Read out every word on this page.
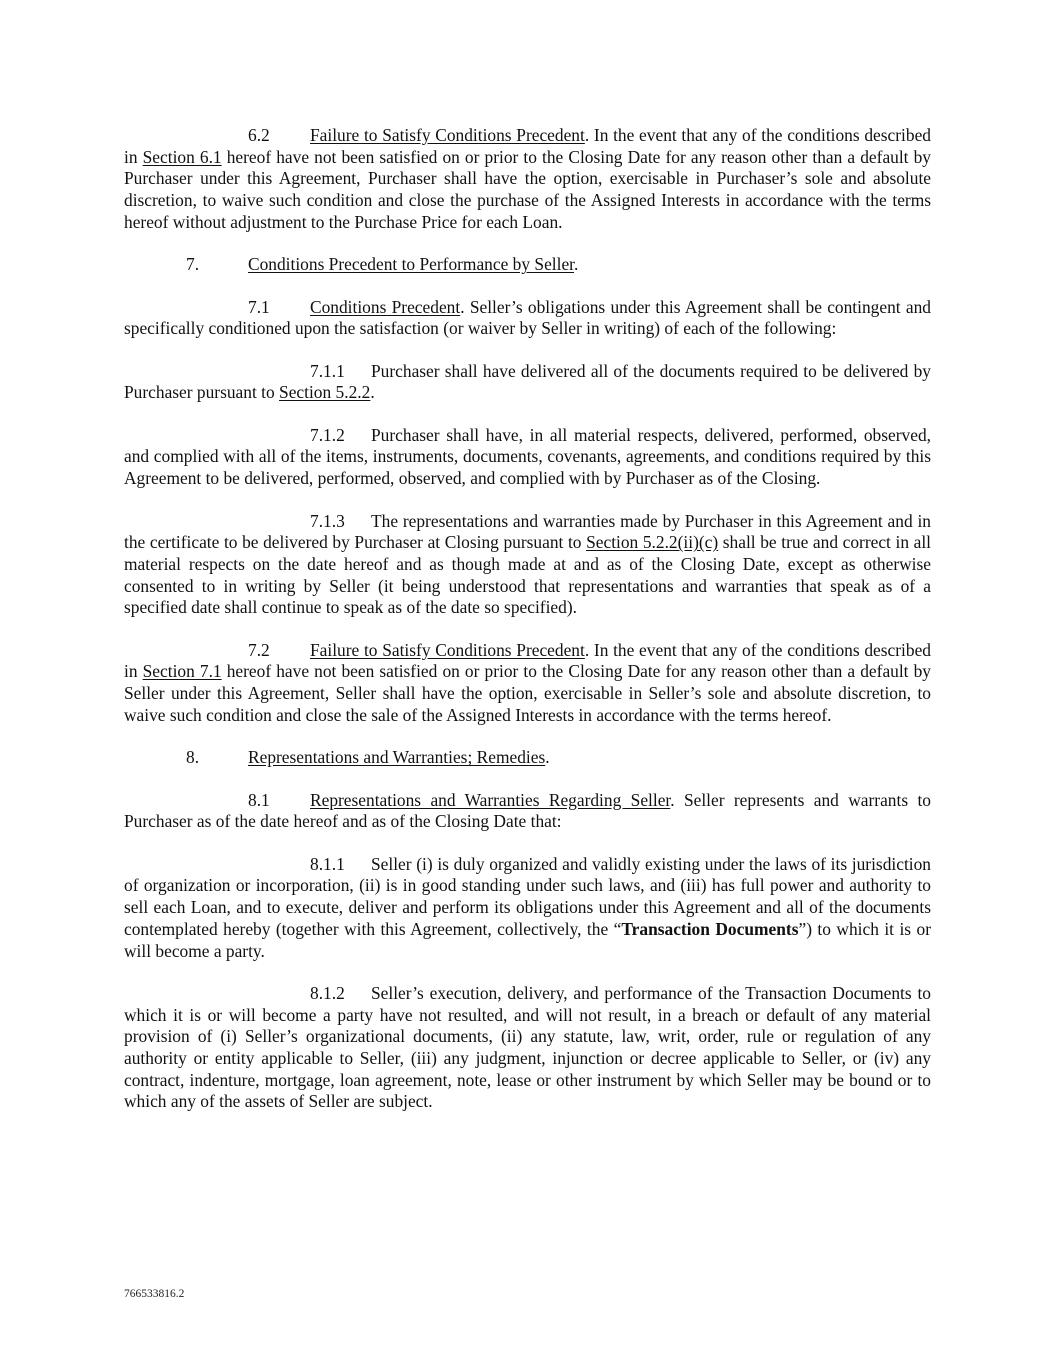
6.2 Failure to Satisfy Conditions Precedent. In the event that any of the conditions described in Section 6.1 hereof have not been satisfied on or prior to the Closing Date for any reason other than a default by Purchaser under this Agreement, Purchaser shall have the option, exercisable in Purchaser’s sole and absolute discretion, to waive such condition and close the purchase of the Assigned Interests in accordance with the terms hereof without adjustment to the Purchase Price for each Loan.

7.	Conditions Precedent to Performance by Seller.

7.1 Conditions Precedent. Seller’s obligations under this Agreement shall be contingent and specifically conditioned upon the satisfaction (or waiver by Seller in writing) of each of the following:

7.1.1 Purchaser shall have delivered all of the documents required to be delivered by Purchaser pursuant to Section 5.2.2.

7.1.2 Purchaser shall have, in all material respects, delivered, performed, observed, and complied with all of the items, instruments, documents, covenants, agreements, and conditions required by this Agreement to be delivered, performed, observed, and complied with by Purchaser as of the Closing.

7.1.3 The representations and warranties made by Purchaser in this Agreement and in the certificate to be delivered by Purchaser at Closing pursuant to Section 5.2.2(ii)(c) shall be true and correct in all material respects on the date hereof and as though made at and as of the Closing Date, except as otherwise consented to in writing by Seller (it being understood that representations and warranties that speak as of a specified date shall continue to speak as of the date so specified).

7.2 Failure to Satisfy Conditions Precedent. In the event that any of the conditions described in Section 7.1 hereof have not been satisfied on or prior to the Closing Date for any reason other than a default by Seller under this Agreement, Seller shall have the option, exercisable in Seller’s sole and absolute discretion, to waive such condition and close the sale of the Assigned Interests in accordance with the terms hereof.

8.	Representations and Warranties; Remedies.

8.1 Representations and Warranties Regarding Seller. Seller represents and warrants to Purchaser as of the date hereof and as of the Closing Date that:

8.1.1 Seller (i) is duly organized and validly existing under the laws of its jurisdiction of organization or incorporation, (ii) is in good standing under such laws, and (iii) has full power and authority to sell each Loan, and to execute, deliver and perform its obligations under this Agreement and all of the documents contemplated hereby (together with this Agreement, collectively, the “Transaction Documents”) to which it is or will become a party.

8.1.2 Seller’s execution, delivery, and performance of the Transaction Documents to which it is or will become a party have not resulted, and will not result, in a breach or default of any material provision of (i) Seller’s organizational documents, (ii) any statute, law, writ, order, rule or regulation of any authority or entity applicable to Seller, (iii) any judgment, injunction or decree applicable to Seller, or (iv) any contract, indenture, mortgage, loan agreement, note, lease or other instrument by which Seller may be bound or to which any of the assets of Seller are subject.

766533816.2
